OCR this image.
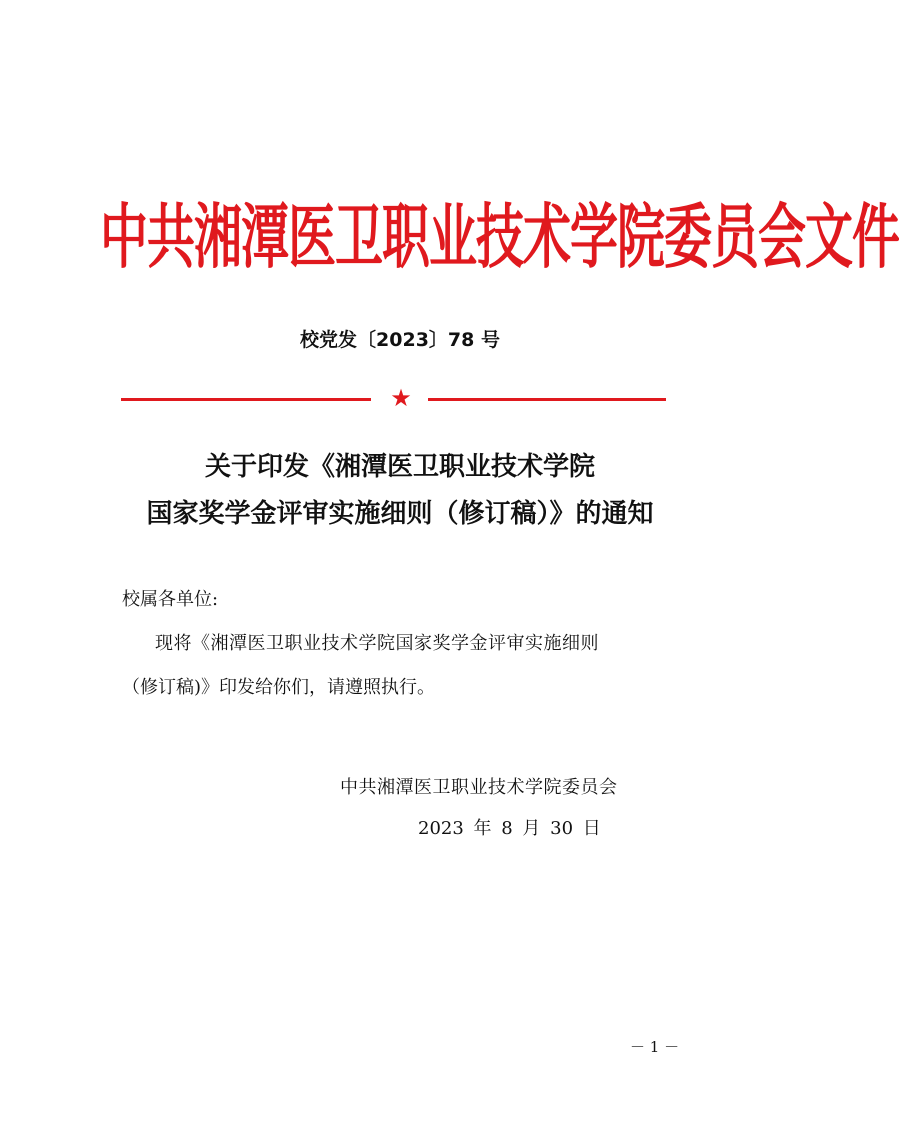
中共湘潭医卫职业技术学院委员会文件
校党发〔2023〕78 号
★
关于印发《湘潭医卫职业技术学院
国家奖学金评审实施细则（修订稿）》的通知
校属各单位:
现将《湘潭医卫职业技术学院国家奖学金评审实施细则
（修订稿)》印发给你们，请遵照执行。
中共湘潭医卫职业技术学院委员会
2023 年 8 月 30 日
－ 1 －
